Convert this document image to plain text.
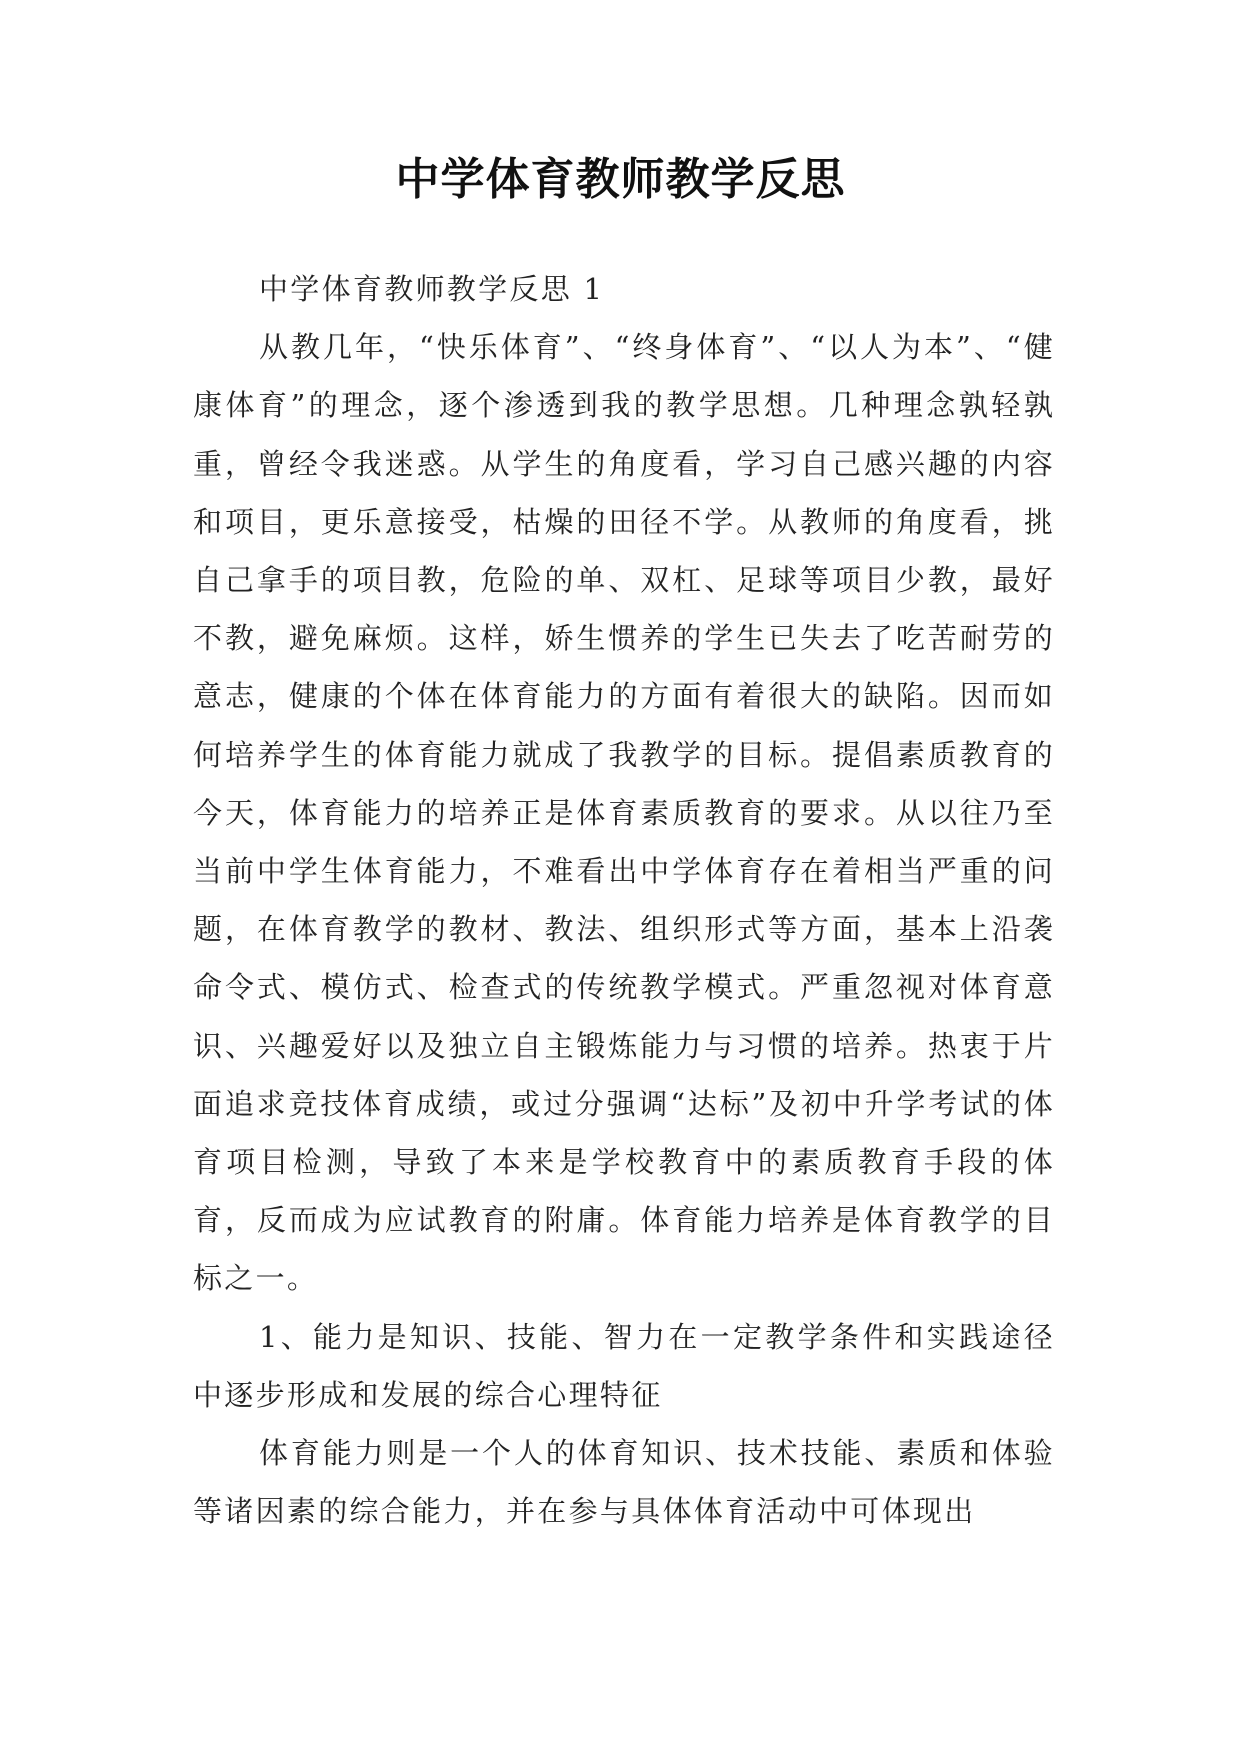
中学体育教师教学反思

中学体育教师教学反思 1

从教几年，“快乐体育”、“终身体育”、“以人为本”、“健康体育”的理念，逐个渗透到我的教学思想。几种理念孰轻孰重，曾经令我迷惑。从学生的角度看，学习自己感兴趣的内容和项目，更乐意接受，枯燥的田径不学。从教师的角度看，挑自己拿手的项目教，危险的单、双杠、足球等项目少教，最好不教，避免麻烦。这样，娇生惯养的学生已失去了吃苦耐劳的意志，健康的个体在体育能力的方面有着很大的缺陷。因而如何培养学生的体育能力就成了我教学的目标。提倡素质教育的今天，体育能力的培养正是体育素质教育的要求。从以往乃至当前中学生体育能力，不难看出中学体育存在着相当严重的问题，在体育教学的教材、教法、组织形式等方面，基本上沿袭命令式、模仿式、检查式的传统教学模式。严重忽视对体育意识、兴趣爱好以及独立自主锻炼能力与习惯的培养。热衷于片面追求竞技体育成绩，或过分强调“达标”及初中升学考试的体育项目检测，导致了本来是学校教育中的素质教育手段的体育，反而成为应试教育的附庸。体育能力培养是体育教学的目标之一。

1、能力是知识、技能、智力在一定教学条件和实践途径中逐步形成和发展的综合心理特征

体育能力则是一个人的体育知识、技术技能、素质和体验等诸因素的综合能力，并在参与具体体育活动中可体现出
